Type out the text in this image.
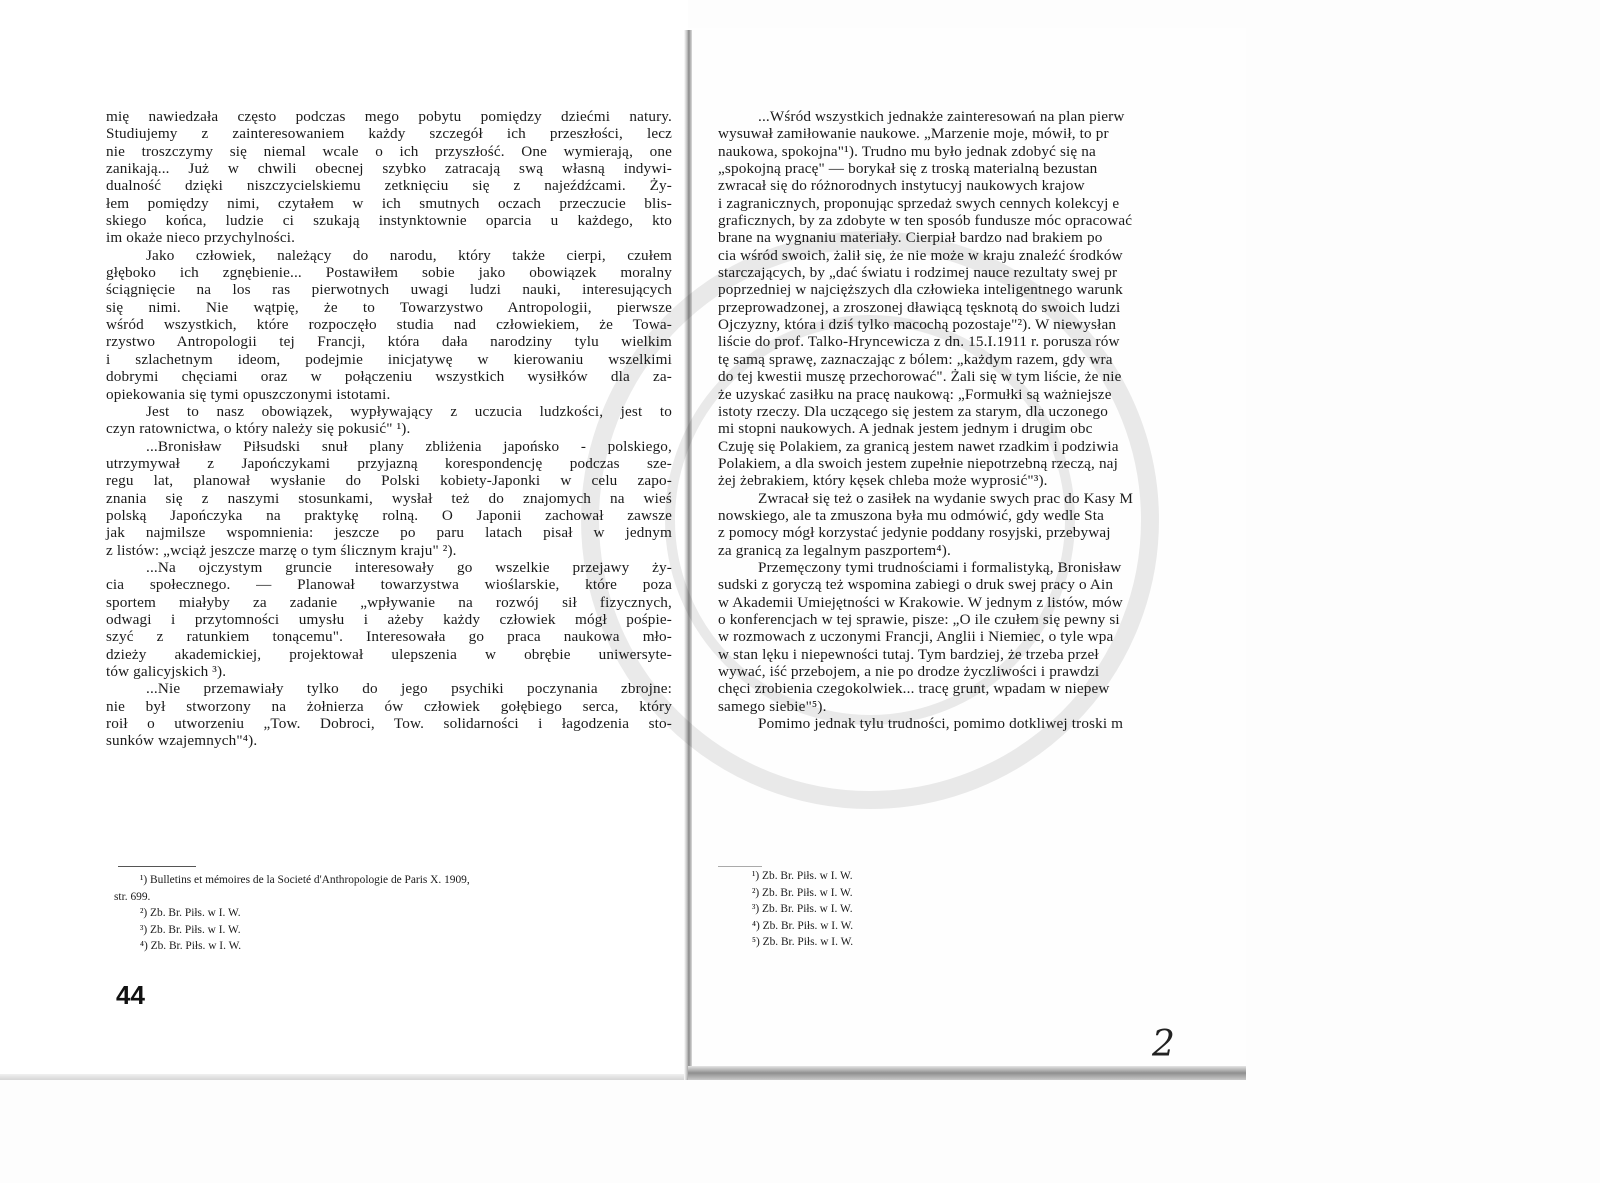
mię nawiedzała często podczas mego pobytu pomiędzy dziećmi natury.
Studiujemy z zainteresowaniem każdy szczegół ich przeszłości, lecz
nie troszczymy się niemal wcale o ich przyszłość. One wymierają, one
zanikają... Już w chwili obecnej szybko zatracają swą własną indywi-
dualność dzięki niszczycielskiemu zetknięciu się z najeźdźcami. Ży-
łem pomiędzy nimi, czytałem w ich smutnych oczach przeczucie blis-
skiego końca, ludzie ci szukają instynktownie oparcia u każdego, kto
im okaże nieco przychylności.
Jako człowiek, należący do narodu, który także cierpi, czułem
głęboko ich zgnębienie... Postawiłem sobie jako obowiązek moralny
ściągnięcie na los ras pierwotnych uwagi ludzi nauki, interesujących
się nimi. Nie wątpię, że to Towarzystwo Antropologii, pierwsze
wśród wszystkich, które rozpoczęło studia nad człowiekiem, że Towa-
rzystwo Antropologii tej Francji, która dała narodziny tylu wielkim
i szlachetnym ideom, podejmie inicjatywę w kierowaniu wszelkimi
dobrymi chęciami oraz w połączeniu wszystkich wysiłków dla za-
opiekowania się tymi opuszczonymi istotami.
Jest to nasz obowiązek, wypływający z uczucia ludzkości, jest to
czyn ratownictwa, o który należy się pokusić" ¹).
...Bronisław Piłsudski snuł plany zbliżenia japońsko - polskiego,
utrzymywał z Japończykami przyjazną korespondencję podczas sze-
regu lat, planował wysłanie do Polski kobiety-Japonki w celu zapo-
znania się z naszymi stosunkami, wysłał też do znajomych na wieś
polską Japończyka na praktykę rolną. O Japonii zachował zawsze
jak najmilsze wspomnienia: jeszcze po paru latach pisał w jednym
z listów: „wciąż jeszcze marzę o tym ślicznym kraju" ²).
...Na ojczystym gruncie interesowały go wszelkie przejawy ży-
cia społecznego. — Planował towarzystwa wioślarskie, które poza
sportem miałyby za zadanie „wpływanie na rozwój sił fizycznych,
odwagi i przytomności umysłu i ażeby każdy człowiek mógł pośpie-
szyć z ratunkiem tonącemu". Interesowała go praca naukowa mło-
dzieży akademickiej, projektował ulepszenia w obrębie uniwersyte-
tów galicyjskich ³).
...Nie przemawiały tylko do jego psychiki poczynania zbrojne:
nie był stworzony na żołnierza ów człowiek gołębiego serca, który
roił o utworzeniu „Tow. Dobroci, Tow. solidarności i łagodzenia sto-
sunków wzajemnych"⁴).
¹) Bulletins et mémoires de la Societé d'Anthropologie de Paris X. 1909,
str. 699.
²) Zb. Br. Piłs. w I. W.
³) Zb. Br. Piłs. w I. W.
⁴) Zb. Br. Piłs. w I. W.
44
...Wśród wszystkich jednakże zainteresowań na plan pierw
wysuwał zamiłowanie naukowe. „Marzenie moje, mówił, to pr
naukowa, spokojna"¹). Trudno mu było jednak zdobyć się na
„spokojną pracę" — borykał się z troską materialną bezustan
zwracał się do różnorodnych instytucyj naukowych krajow
i zagranicznych, proponując sprzedaż swych cennych kolekcyj e
graficznych, by za zdobyte w ten sposób fundusze móc opracować
brane na wygnaniu materiały. Cierpiał bardzo nad brakiem po
cia wśród swoich, żalił się, że nie może w kraju znaleźć środków
starczających, by „dać światu i rodzimej nauce rezultaty swej pr
poprzedniej w najcięższych dla człowieka inteligentnego warunk
przeprowadzonej, a zroszonej dławiącą tęsknotą do swoich ludzi
Ojczyzny, która i dziś tylko macochą pozostaje"²). W niewysłan
liście do prof. Talko-Hryncewicza z dn. 15.I.1911 r. porusza rów
tę samą sprawę, zaznaczając z bólem: „każdym razem, gdy wra
do tej kwestii muszę przechorować". Żali się w tym liście, że nie
że uzyskać zasiłku na pracę naukową: „Formułki są ważniejsze
istoty rzeczy. Dla uczącego się jestem za starym, dla uczonego
mi stopni naukowych. A jednak jestem jednym i drugim obc
Czuję się Polakiem, za granicą jestem nawet rzadkim i podziwia
Polakiem, a dla swoich jestem zupełnie niepotrzebną rzeczą, naj
żej żebrakiem, który kęsek chleba może wyprosić"³).
Zwracał się też o zasiłek na wydanie swych prac do Kasy M
nowskiego, ale ta zmuszona była mu odmówić, gdy wedle Sta
z pomocy mógł korzystać jedynie poddany rosyjski, przebywaj
za granicą za legalnym paszportem⁴).
Przemęczony tymi trudnościami i formalistyką, Bronisław
sudski z goryczą też wspomina zabiegi o druk swej pracy o Ain
w Akademii Umiejętności w Krakowie. W jednym z listów, mów
o konferencjach w tej sprawie, pisze: „O ile czułem się pewny si
w rozmowach z uczonymi Francji, Anglii i Niemiec, o tyle wpa
w stan lęku i niepewności tutaj. Tym bardziej, że trzeba przeł
wywać, iść przebojem, a nie po drodze życzliwości i prawdzi
chęci zrobienia czegokolwiek... tracę grunt, wpadam w niepew
samego siebie"⁵).
Pomimo jednak tylu trudności, pomimo dotkliwej troski m
¹) Zb. Br. Piłs. w I. W.
²) Zb. Br. Piłs. w I. W.
³) Zb. Br. Piłs. w I. W.
⁴) Zb. Br. Piłs. w I. W.
⁵) Zb. Br. Piłs. w I. W.
2
